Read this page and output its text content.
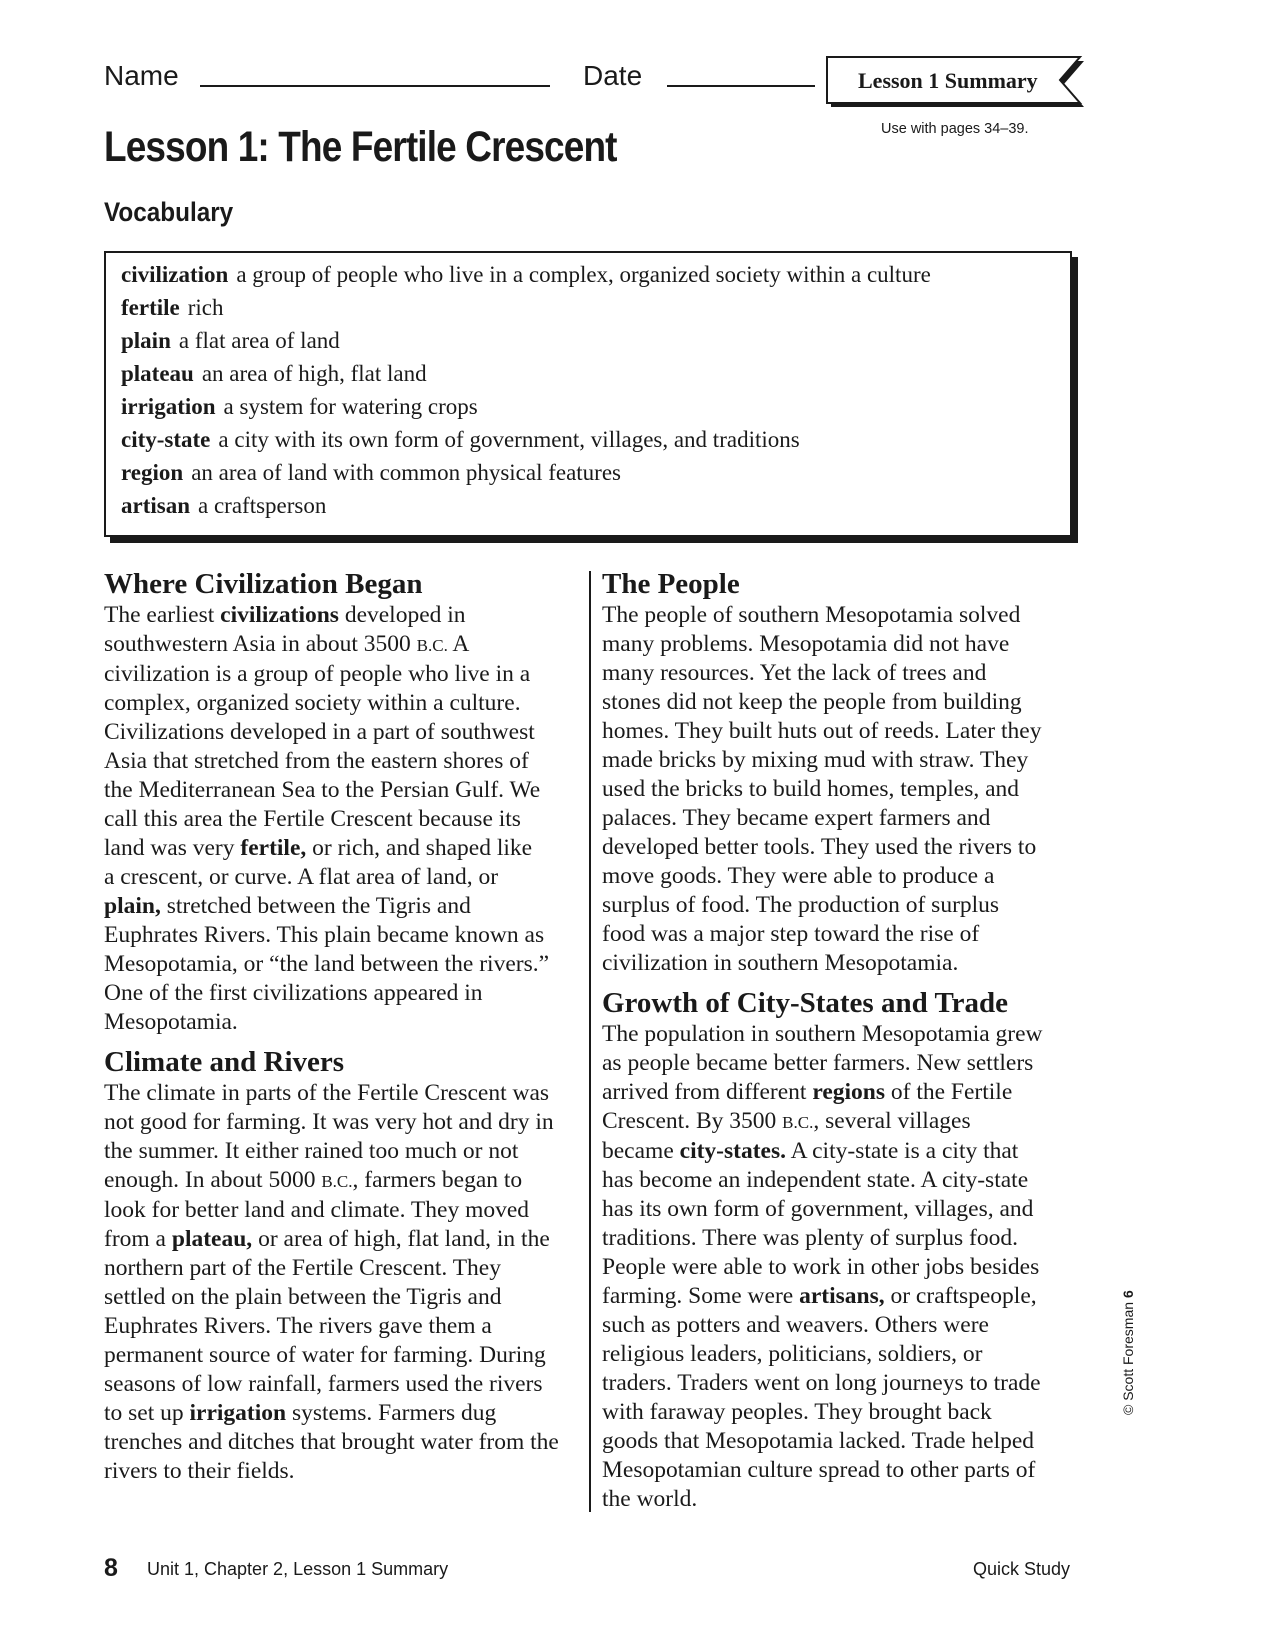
Name	Date	Lesson 1 Summary
Use with pages 34–39.
Lesson 1: The Fertile Crescent
Vocabulary
civilization a group of people who live in a complex, organized society within a culture
fertile rich
plain a flat area of land
plateau an area of high, flat land
irrigation a system for watering crops
city-state a city with its own form of government, villages, and traditions
region an area of land with common physical features
artisan a craftsperson
Where Civilization Began
The earliest civilizations developed in
southwestern Asia in about 3500 B.C. A
civilization is a group of people who live in a
complex, organized society within a culture.
Civilizations developed in a part of southwest
Asia that stretched from the eastern shores of
the Mediterranean Sea to the Persian Gulf. We
call this area the Fertile Crescent because its
land was very fertile, or rich, and shaped like
a crescent, or curve. A flat area of land, or
plain, stretched between the Tigris and
Euphrates Rivers. This plain became known as
Mesopotamia, or “the land between the rivers.”
One of the first civilizations appeared in
Mesopotamia.
Climate and Rivers
The climate in parts of the Fertile Crescent was
not good for farming. It was very hot and dry in
the summer. It either rained too much or not
enough. In about 5000 B.C., farmers began to
look for better land and climate. They moved
from a plateau, or area of high, flat land, in the
northern part of the Fertile Crescent. They
settled on the plain between the Tigris and
Euphrates Rivers. The rivers gave them a
permanent source of water for farming. During
seasons of low rainfall, farmers used the rivers
to set up irrigation systems. Farmers dug
trenches and ditches that brought water from the
rivers to their fields.
The People
The people of southern Mesopotamia solved
many problems. Mesopotamia did not have
many resources. Yet the lack of trees and
stones did not keep the people from building
homes. They built huts out of reeds. Later they
made bricks by mixing mud with straw. They
used the bricks to build homes, temples, and
palaces. They became expert farmers and
developed better tools. They used the rivers to
move goods. They were able to produce a
surplus of food. The production of surplus
food was a major step toward the rise of
civilization in southern Mesopotamia.
Growth of City-States and Trade
The population in southern Mesopotamia grew
as people became better farmers. New settlers
arrived from different regions of the Fertile
Crescent. By 3500 B.C., several villages
became city-states. A city-state is a city that
has become an independent state. A city-state
has its own form of government, villages, and
traditions. There was plenty of surplus food.
People were able to work in other jobs besides
farming. Some were artisans, or craftspeople,
such as potters and weavers. Others were
religious leaders, politicians, soldiers, or
traders. Traders went on long journeys to trade
with faraway peoples. They brought back
goods that Mesopotamia lacked. Trade helped
Mesopotamian culture spread to other parts of
the world.
8 Unit 1, Chapter 2, Lesson 1 Summary	Quick Study
© Scott Foresman6
